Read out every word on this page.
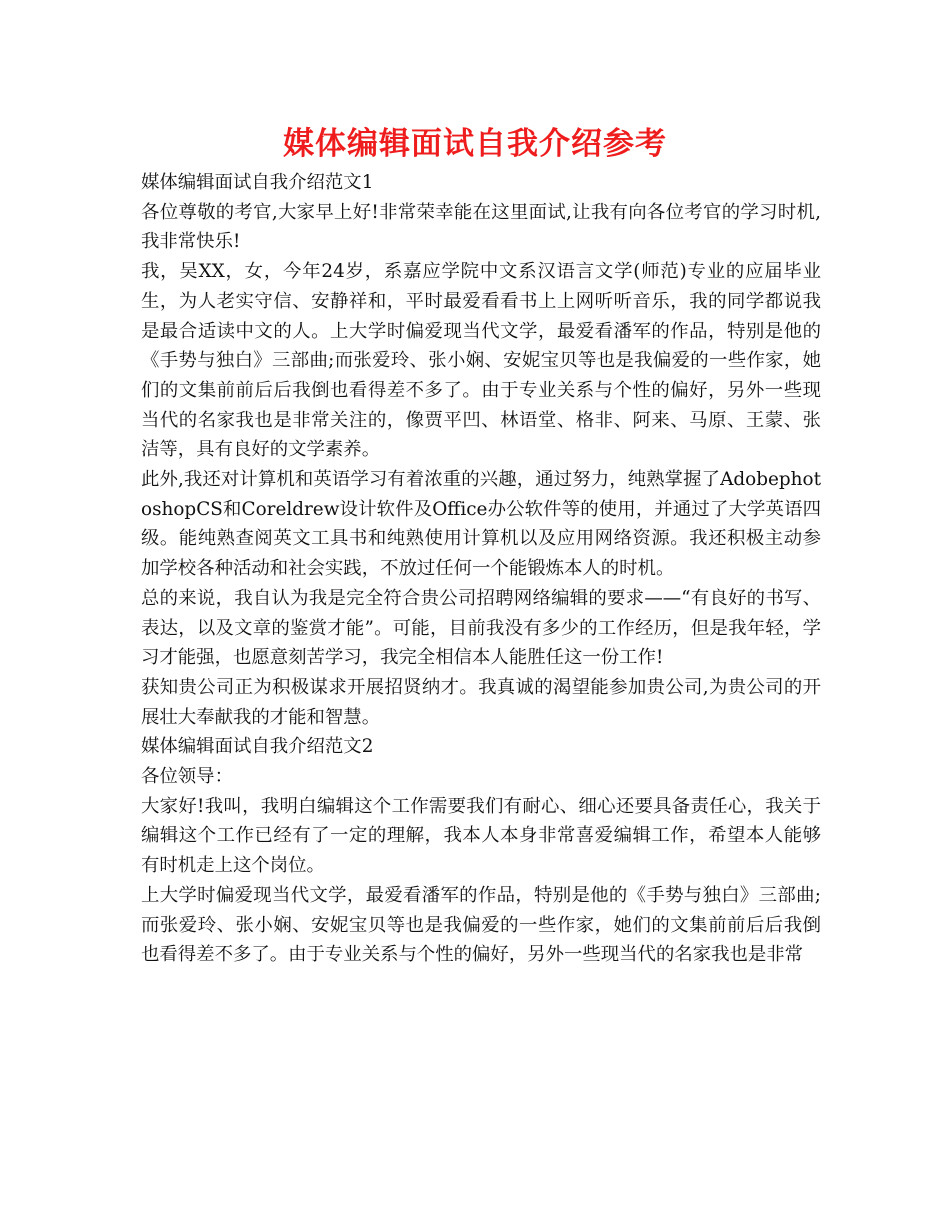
媒体编辑面试自我介绍参考

媒体编辑面试自我介绍范文1

各位尊敬的考官,大家早上好!非常荣幸能在这里面试,让我有向各位考官的学习时机,我非常快乐!

我，吴XX，女，今年24岁，系嘉应学院中文系汉语言文学(师范)专业的应届毕业生，为人老实守信、安静祥和，平时最爱看看书上上网听听音乐，我的同学都说我是最合适读中文的人。上大学时偏爱现当代文学，最爱看潘军的作品，特别是他的《手势与独白》三部曲;而张爱玲、张小娴、安妮宝贝等也是我偏爱的一些作家，她们的文集前前后后我倒也看得差不多了。由于专业关系与个性的偏好，另外一些现当代的名家我也是非常关注的，像贾平凹、林语堂、格非、阿来、马原、王蒙、张洁等，具有良好的文学素养。

此外,我还对计算机和英语学习有着浓重的兴趣，通过努力，纯熟掌握了AdobephotoshopCS和Coreldrew设计软件及Office办公软件等的使用，并通过了大学英语四级。能纯熟查阅英文工具书和纯熟使用计算机以及应用网络资源。我还积极主动参加学校各种活动和社会实践，不放过任何一个能锻炼本人的时机。

总的来说，我自认为我是完全符合贵公司招聘网络编辑的要求——“有良好的书写、表达，以及文章的鉴赏才能”。可能，目前我没有多少的工作经历，但是我年轻，学习才能强，也愿意刻苦学习，我完全相信本人能胜任这一份工作!

获知贵公司正为积极谋求开展招贤纳才。我真诚的渴望能参加贵公司,为贵公司的开展壮大奉献我的才能和智慧。

媒体编辑面试自我介绍范文2

各位领导：

大家好!我叫，我明白编辑这个工作需要我们有耐心、细心还要具备责任心，我关于编辑这个工作已经有了一定的理解，我本人本身非常喜爱编辑工作，希望本人能够有时机走上这个岗位。

上大学时偏爱现当代文学，最爱看潘军的作品，特别是他的《手势与独白》三部曲;而张爱玲、张小娴、安妮宝贝等也是我偏爱的一些作家，她们的文集前前后后我倒也看得差不多了。由于专业关系与个性的偏好，另外一些现当代的名家我也是非常
